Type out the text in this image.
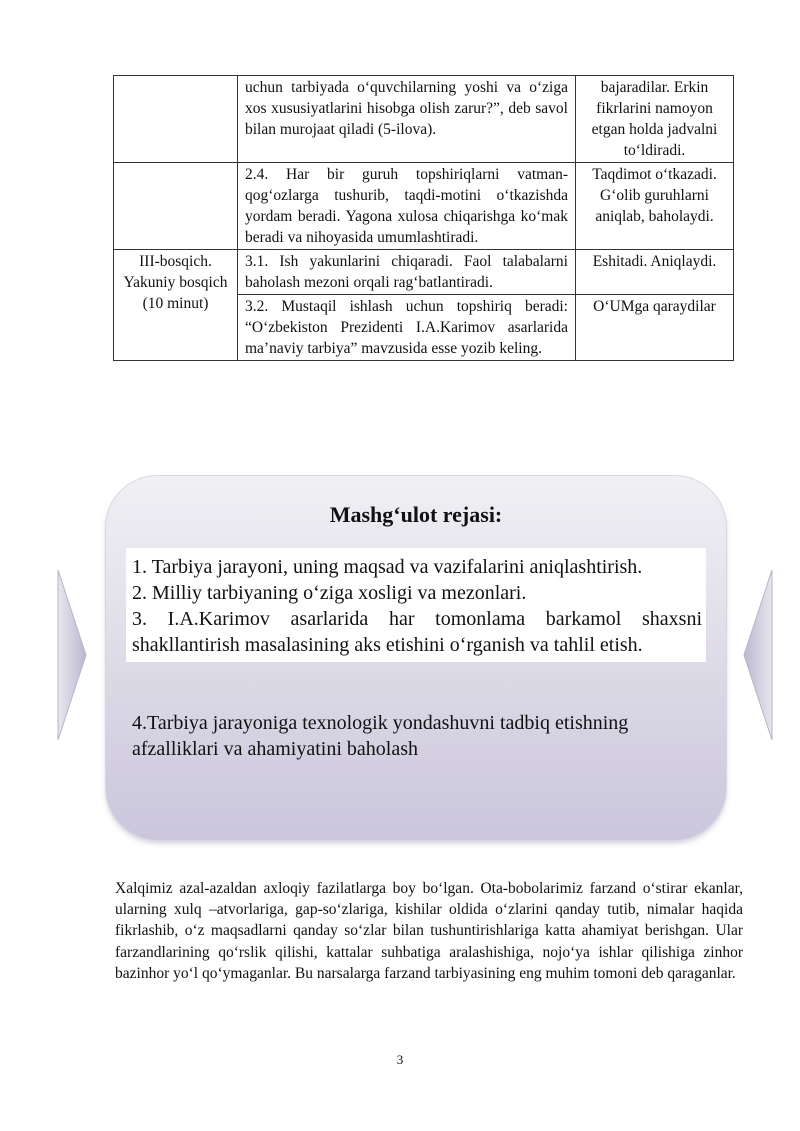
	uchun tarbiyada o‘quvchilarning yoshi va o‘ziga xos xususiyatlarini hisobga olish zarur?”, deb savol bilan murojaat qiladi (5-ilova).	bajaradilar. Erkin fikrlarini namoyon etgan holda jadvalni to‘ldiradi.
	2.4. Har bir guruh topshiriqlarni vatman-qog‘ozlarga tushurib, taqdi-motini o‘tkazishda yordam beradi. Yagona xulosa chiqarishga ko‘mak beradi va nihoyasida umumlashtiradi.	Taqdimot o‘tkazadi. G‘olib guruhlarni aniqlab, baholaydi.
III-bosqich. Yakuniy bosqich (10 minut)	3.1. Ish yakunlarini chiqaradi. Faol talabalarni baholash mezoni orqali rag‘batlantiradi.	Eshitadi. Aniqlaydi.
	3.2. Mustaqil ishlash uchun topshiriq beradi: “O‘zbekiston Prezidenti I.A.Karimov asarlarida ma’naviy tarbiya” mavzusida esse yozib keling.	O‘UMga qaraydilar
Mashg‘ulot rejasi:
1. Tarbiya jarayoni, uning maqsad va vazifalarini aniqlashtirish.
2. Milliy tarbiyaning o‘ziga xosligi va mezonlari.
3. I.A.Karimov asarlarida har tomonlama barkamol shaxsni shakllantirish masalasining aks etishini o‘rganish va tahlil etish.
4.Tarbiya jarayoniga texnologik yondashuvni tadbiq etishning afzalliklari va ahamiyatini baholash
Xalqimiz azal-azaldan axloqiy fazilatlarga boy bo‘lgan. Ota-bobolarimiz farzand o‘stirar ekanlar, ularning xulq –atvorlariga, gap-so‘zlariga, kishilar oldida o‘zlarini qanday tutib, nimalar haqida fikrlashib, o‘z maqsadlarni qanday so‘zlar bilan tushuntirishlariga katta ahamiyat berishgan. Ular farzandlarining qo‘rslik qilishi, kattalar suhbatiga aralashishiga, nojo‘ya ishlar qilishiga zinhor bazinhor yo‘l qo‘ymaganlar. Bu narsalarga farzand tarbiyasining eng muhim tomoni deb qaraganlar.
3
